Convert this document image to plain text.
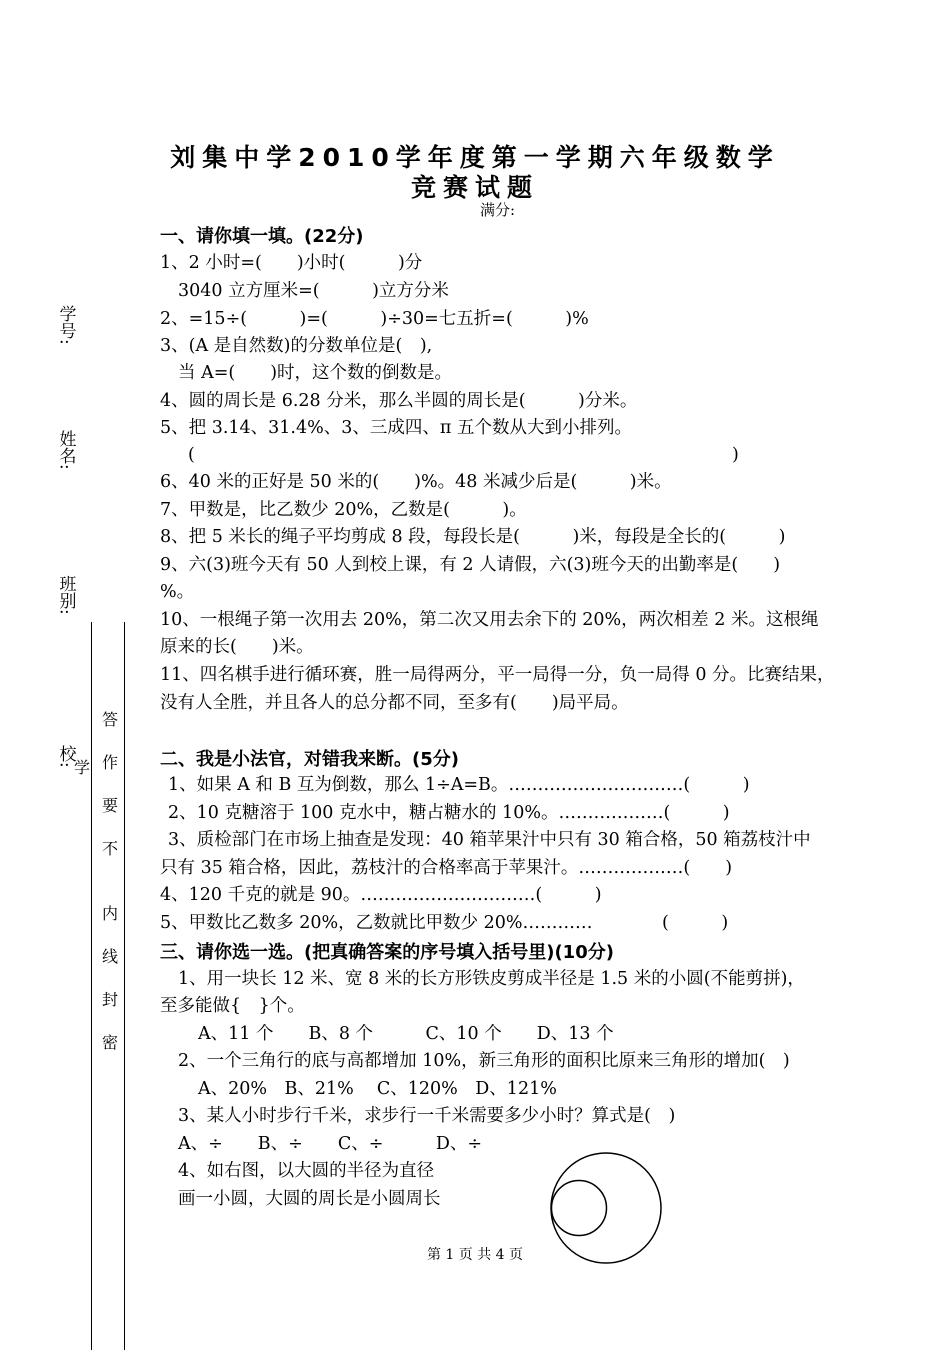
刘集中学2010学年度第一学期六年级数学
竞赛试题
满分:
学号:
姓名:
班别:
校:
学
答
作
要
不
内
线
封
密
一、请你填一填。(22分)
1、2 小时=(　　)小时(　　　)分
3040 立方厘米=(　　　)立方分米
2、=15÷(　　　)=(　　　)÷30=七五折=(　　　)%
3、(A 是自然数)的分数单位是(　),
当 A=(　　)时，这个数的倒数是。
4、圆的周长是 6.28 分米，那么半圆的周长是(　　　)分米。
5、把 3.14、31.4%、3、三成四、π 五个数从大到小排列。
(	)
6、40 米的正好是 50 米的(　　)%。48 米减少后是(　　　)米。
7、甲数是，比乙数少 20%，乙数是(　　　)。
8、把 5 米长的绳子平均剪成 8 段，每段长是(　　　)米，每段是全长的(　　　)
9、六(3)班今天有 50 人到校上课，有 2 人请假，六(3)班今天的出勤率是(　　)
%。
10、一根绳子第一次用去 20%，第二次又用去余下的 20%，两次相差 2 米。这根绳
原来的长(　　)米。
11、四名棋手进行循环赛，胜一局得两分，平一局得一分，负一局得 0 分。比赛结果，
没有人全胜，并且各人的总分都不同，至多有(　　)局平局。
二、我是小法官，对错我来断。(5分)
1、如果 A 和 B 互为倒数，那么 1÷A=B。…………………………(　　　)
2、10 克糖溶于 100 克水中，糖占糖水的 10%。………………(　　　)
3、质检部门在市场上抽查是发现：40 箱苹果汁中只有 30 箱合格，50 箱荔枝汁中
只有 35 箱合格，因此，荔枝汁的合格率高于苹果汁。………………(　　)
4、120 千克的就是 90。…………………………(　　　)
5、甲数比乙数多 20%，乙数就比甲数少 20%…………	(　　　)
三、请你选一选。(把真确答案的序号填入括号里)(10分)
1、用一块长 12 米、宽 8 米的长方形铁皮剪成半径是 1.5 米的小圆(不能剪拼)，
至多能做{　}个。
A、11 个　　B、8 个　　　C、10 个　　D、13 个
2、一个三角行的底与高都增加 10%，新三角形的面积比原来三角形的增加(　)
A、20%　B、21%　 C、120%　D、121%
3、某人小时步行千米，求步行一千米需要多少小时？算式是(　)
A、÷　　B、÷　　C、÷　　　D、÷
4、如右图，以大圆的半径为直径
画一小圆，大圆的周长是小圆周长
第 1 页 共 4 页
